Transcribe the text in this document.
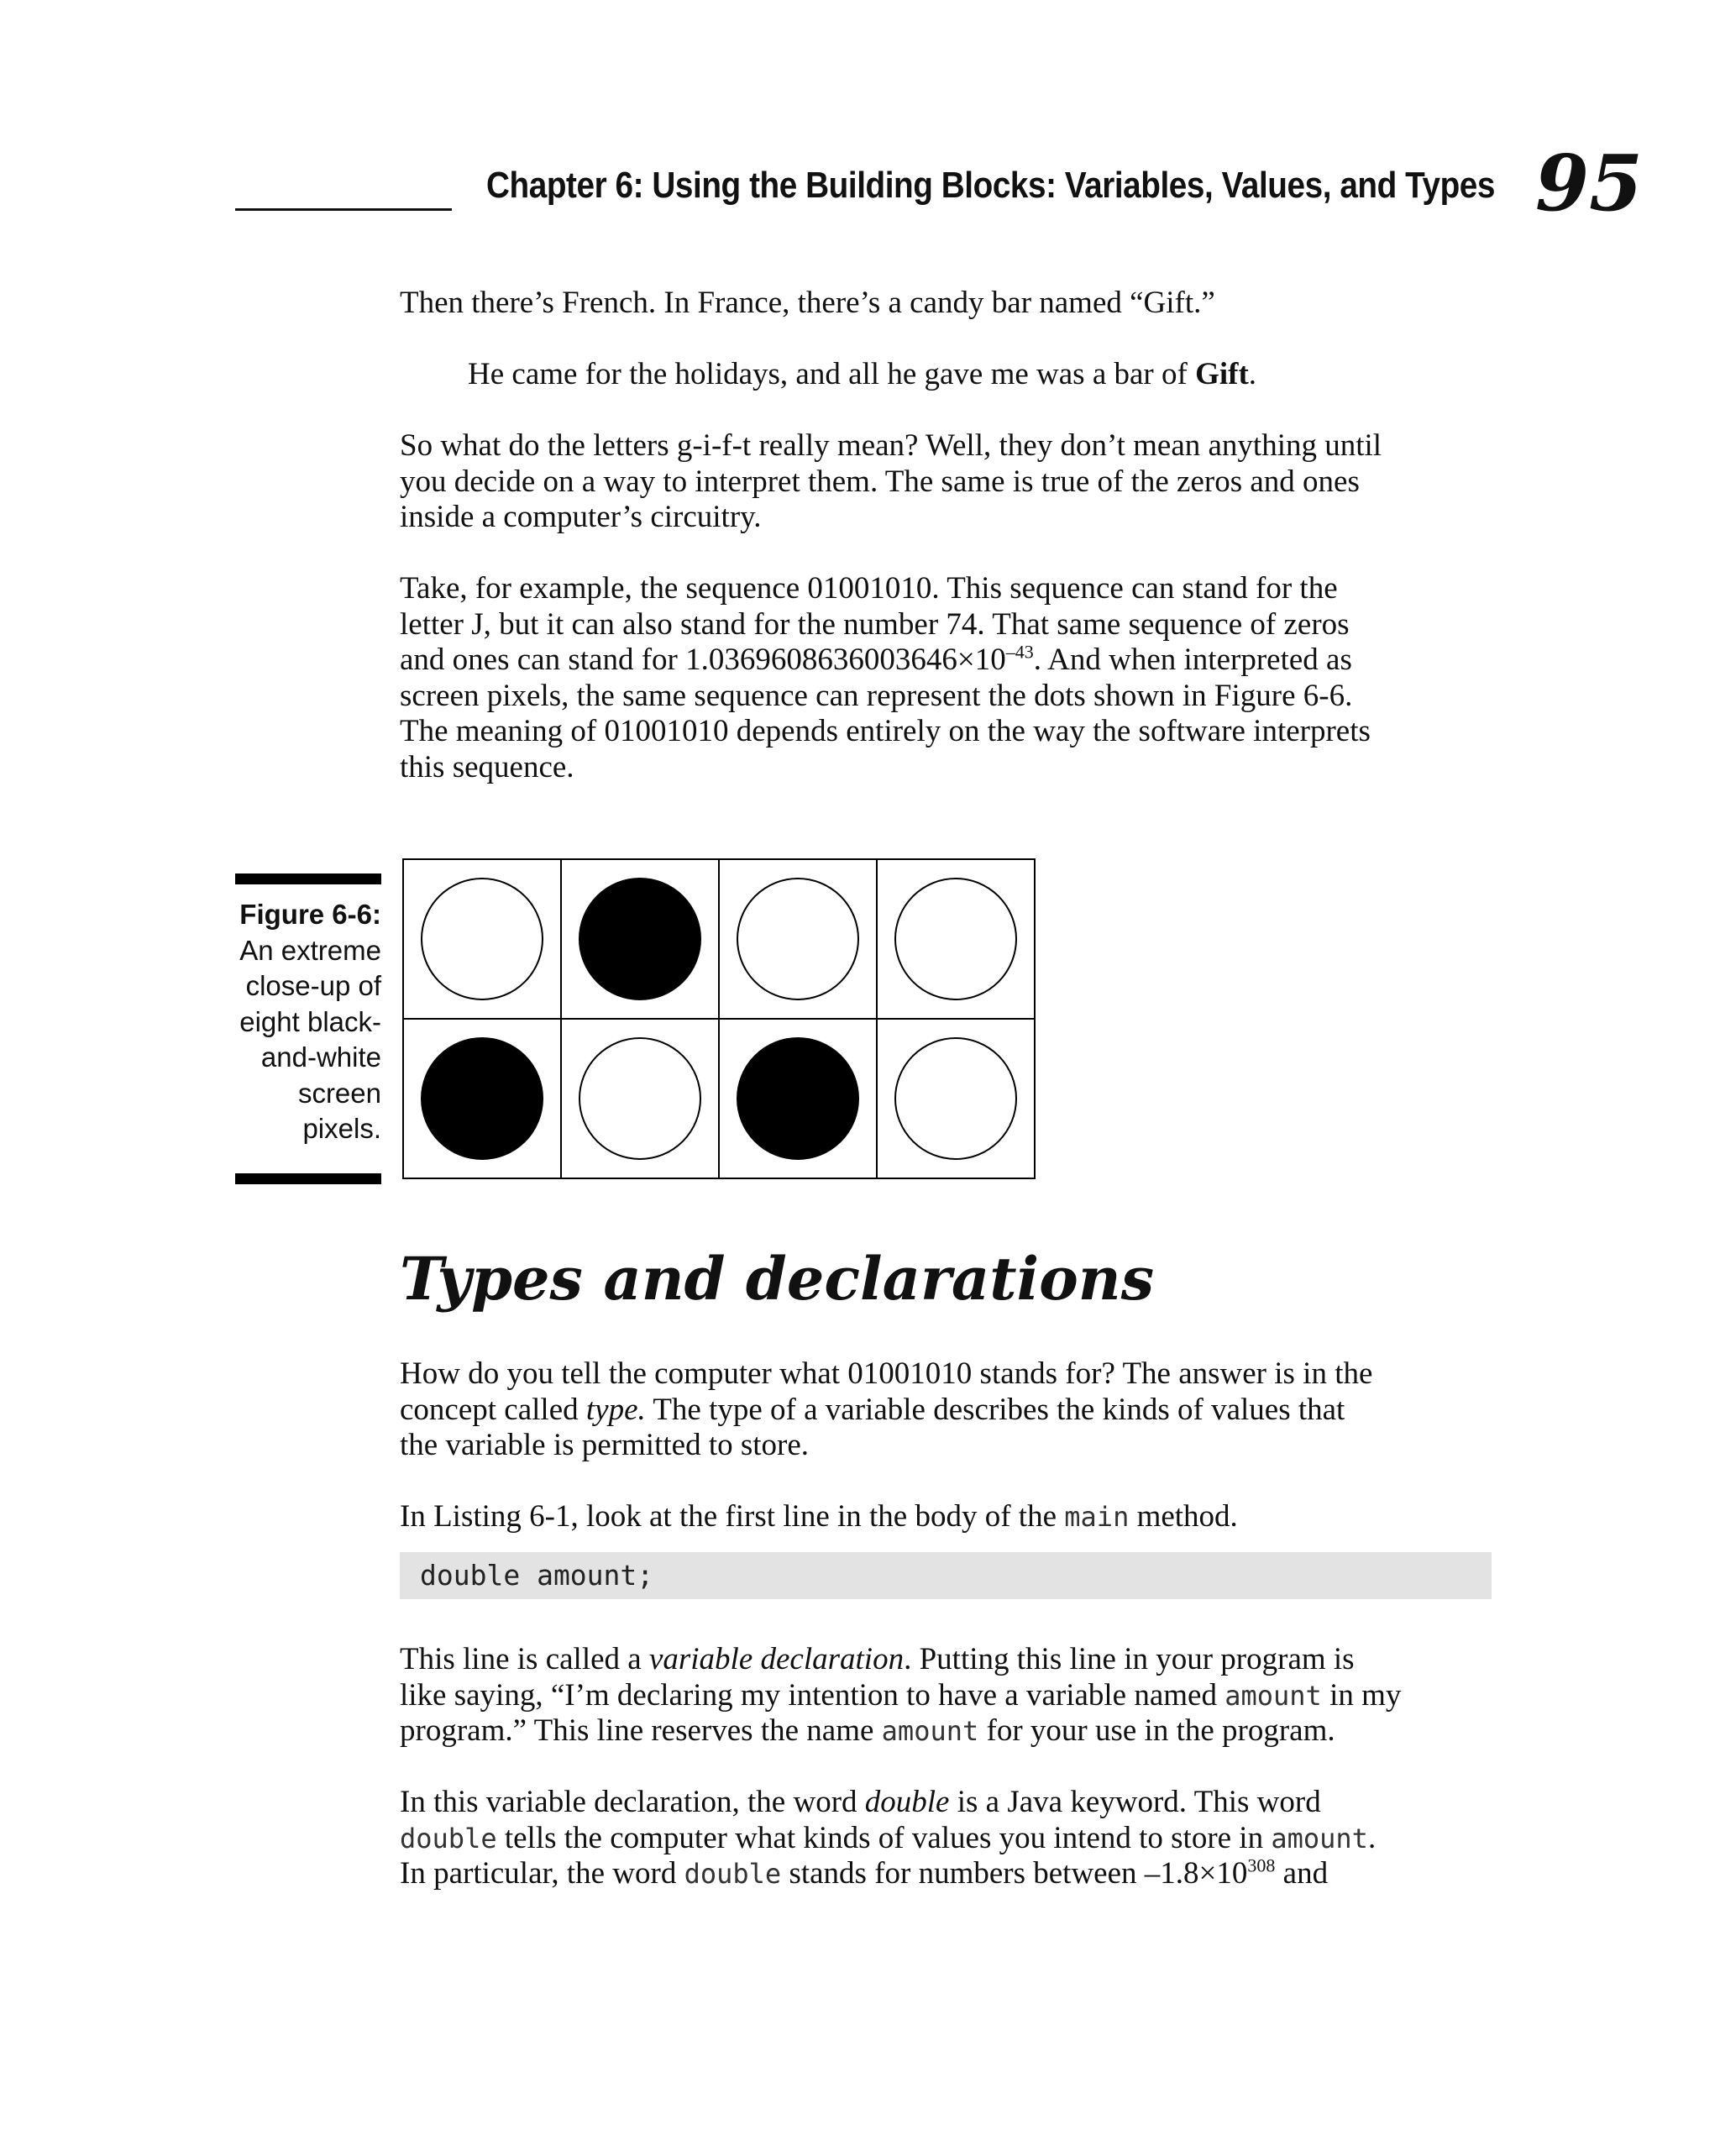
Chapter 6: Using the Building Blocks: Variables, Values, and Types 95

Then there’s French. In France, there’s a candy bar named “Gift.”

He came for the holidays, and all he gave me was a bar of Gift.

So what do the letters g-i-f-t really mean? Well, they don’t mean anything until
you decide on a way to interpret them. The same is true of the zeros and ones
inside a computer’s circuitry.

Take, for example, the sequence 01001010. This sequence can stand for the
letter J, but it can also stand for the number 74. That same sequence of zeros
and ones can stand for $1.0369608636003646\times 10^{-43}$. And when interpreted as
screen pixels, the same sequence can represent the dots shown in Figure 6-6.
The meaning of 01001010 depends entirely on the way the software interprets
this sequence.

Figure 6-6:
An extreme
close-up of
eight black-
and-white
screen
pixels.
Types and declarations

How do you tell the computer what 01001010 stands for? The answer is in the
concept called type. The type of a variable describes the kinds of values that
the variable is permitted to store.

In Listing 6-1, look at the first line in the body of the main method.

double amount;

This line is called a variable declaration. Putting this line in your program is
like saying, “I’m declaring my intention to have a variable named amount in my
program.” This line reserves the name amount for your use in the program.

In this variable declaration, the word double is a Java keyword. This word
double tells the computer what kinds of values you intend to store in amount.
In particular, the word double stands for numbers between $-1.8\times 10^{308}$ and
